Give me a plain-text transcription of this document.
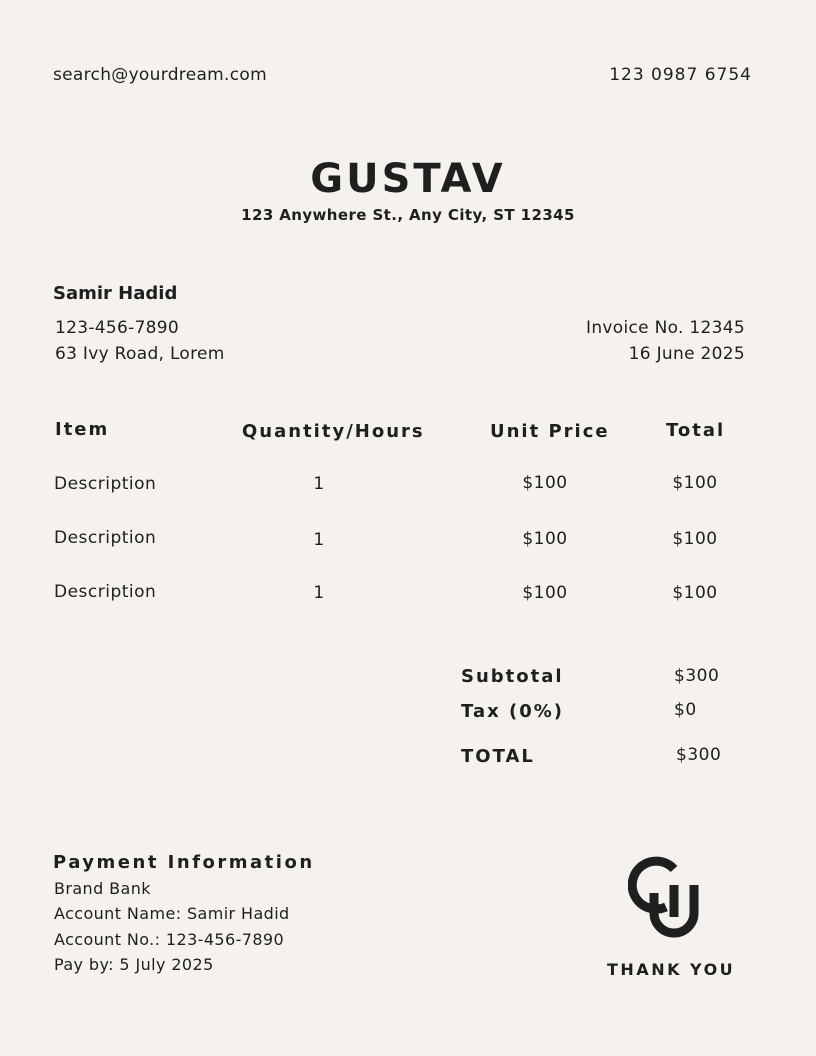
search@yourdream.com	123 0987 6754
GUSTAV
123 Anywhere St., Any City, ST 12345
Samir Hadid
123-456-7890
63 Ivy Road, Lorem
Invoice No. 12345
16 June 2025
Item	Quantity/Hours	Unit Price	Total
Description	1	$100	$100
Description	1	$100	$100
Description	1	$100	$100
Subtotal	$300
Tax (0%)	$0
TOTAL	$300
Payment Information
Brand Bank
Account Name: Samir Hadid
Account No.: 123-456-7890
Pay by: 5 July 2025	THANK YOU
